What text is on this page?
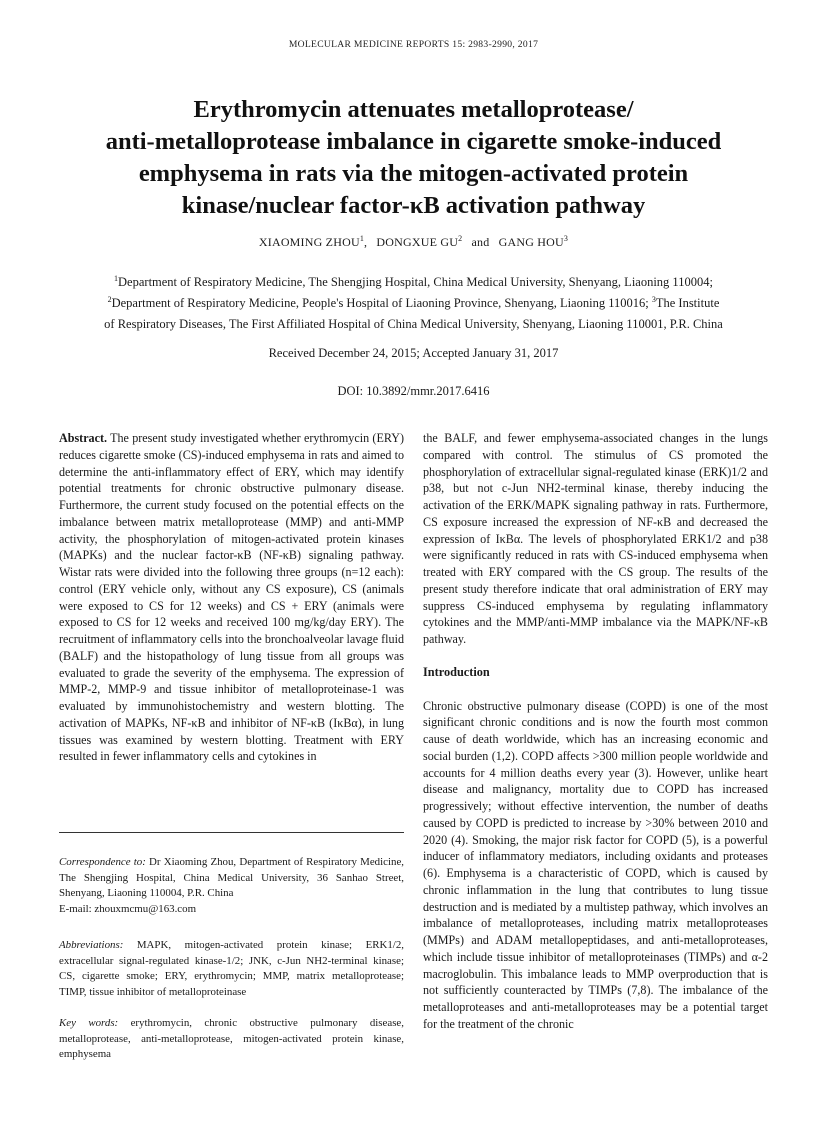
MOLECULAR MEDICINE REPORTS 15: 2983-2990, 2017
Erythromycin attenuates metalloprotease/
anti-metalloprotease imbalance in cigarette smoke-induced
emphysema in rats via the mitogen-activated protein
kinase/nuclear factor-κB activation pathway
XIAOMING ZHOU$^1$, DONGXUE $GU^2$ and GANG HOU$^3$
$^1$Department of Respiratory Medicine, The Shengjing Hospital, China Medical University, Shenyang, Liaoning 110004;
$^2$Department of Respiratory Medicine, People's Hospital of Liaoning Province, Shenyang, Liaoning 110016; $^3$The Institute
of Respiratory Diseases, The First Affiliated Hospital of China Medical University, Shenyang, Liaoning 110001, P.R. China
Received December 24, 2015; Accepted January 31, 2017
DOI: 10.3892/mmr.2017.6416

Abstract. The present study investigated whether erythromycin (ERY) reduces cigarette smoke (CS)-induced emphysema in rats and aimed to determine the anti-inflammatory effect of ERY, which may identify potential treatments for chronic obstructive pulmonary disease. Furthermore, the current study focused on the potential effects on the imbalance between matrix metalloprotease (MMP) and anti-MMP activity, the phosphorylation of mitogen-activated protein kinases (MAPKs) and the nuclear factor-κB (NF-κB) signaling pathway. Wistar rats were divided into the following three groups (n=12 each): control (ERY vehicle only, without any CS exposure), CS (animals were exposed to CS for 12 weeks) and CS + ERY (animals were exposed to CS for 12 weeks and received 100 mg/kg/day ERY). The recruitment of inflammatory cells into the bronchoalveolar lavage fluid (BALF) and the histopathology of lung tissue from all groups was evaluated to grade the severity of the emphysema. The expression of MMP-2, MMP-9 and tissue inhibitor of metalloproteinase-1 was evaluated by immunohistochemistry and western blotting. The activation of MAPKs, NF-κB and inhibitor of NF-κB (IκBα), in lung tissues was examined by western blotting. Treatment with ERY resulted in fewer inflammatory cells and cytokines in

the BALF, and fewer emphysema-associated changes in the lungs compared with control. The stimulus of CS promoted the phosphorylation of extracellular signal-regulated kinase (ERK)1/2 and p38, but not c-Jun NH2-terminal kinase, thereby inducing the activation of the ERK/MAPK signaling pathway in rats. Furthermore, CS exposure increased the expression of NF-κB and decreased the expression of IκBα. The levels of phosphorylated ERK1/2 and p38 were significantly reduced in rats with CS-induced emphysema when treated with ERY compared with the CS group. The results of the present study therefore indicate that oral administration of ERY may suppress CS-induced emphysema by regulating inflammatory cytokines and the MMP/anti-MMP imbalance via the MAPK/NF-κB pathway.

Introduction

Chronic obstructive pulmonary disease (COPD) is one of the most significant chronic conditions and is now the fourth most common cause of death worldwide, which has an increasing economic and social burden (1,2). COPD affects >300 million people worldwide and accounts for 4 million deaths every year (3). However, unlike heart disease and malignancy, mortality due to COPD has increased progressively; without effective intervention, the number of deaths caused by COPD is predicted to increase by >30% between 2010 and 2020 (4). Smoking, the major risk factor for COPD (5), is a powerful inducer of inflammatory mediators, including oxidants and proteases (6). Emphysema is a characteristic of COPD, which is caused by chronic inflammation in the lung that contributes to lung tissue destruction and is mediated by a multistep pathway, which involves an imbalance of metalloproteases, including matrix metalloproteases (MMPs) and ADAM metallopeptidases, and anti-metalloproteases, which include tissue inhibitor of metalloproteinases (TIMPs) and α-2 macroglobulin. This imbalance leads to MMP overproduction that is not sufficiently counteracted by TIMPs (7,8). The imbalance of the metalloproteases and anti-metalloproteases may be a potential target for the treatment of the chronic

Correspondence to: Dr Xiaoming Zhou, Department of Respiratory Medicine, The Shengjing Hospital, China Medical University, 36 Sanhao Street, Shenyang, Liaoning 110004, P.R. China

E-mail: zhouxmcmu@163.com

Abbreviations: MAPK, mitogen-activated protein kinase; ERK1/2, extracellular signal-regulated kinase-1/2; JNK, c-Jun NH2-terminal kinase; CS, cigarette smoke; ERY, erythromycin; MMP, matrix metalloprotease; TIMP, tissue inhibitor of metalloproteinase

Key words: erythromycin, chronic obstructive pulmonary disease, metalloprotease, anti-metalloprotease, mitogen-activated protein kinase, emphysema
